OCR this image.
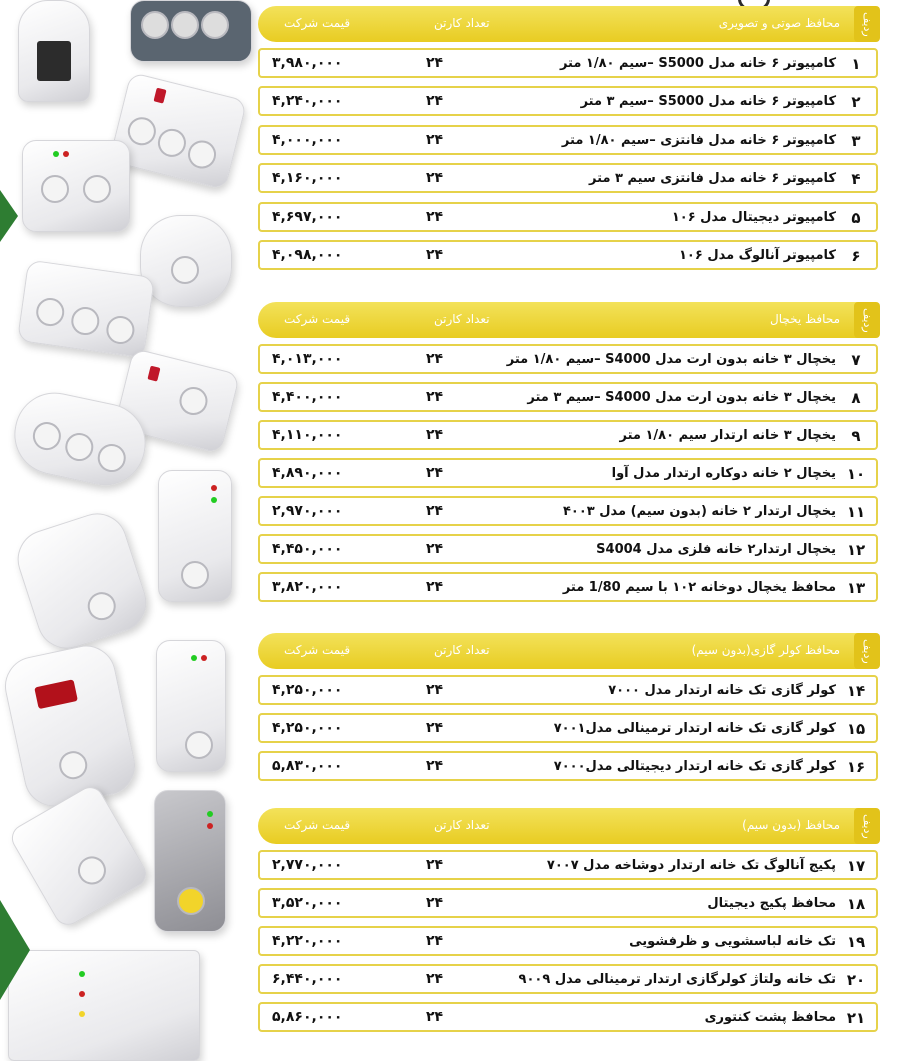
ردیف
محافظ صوتی و تصویری
تعداد کارتن
قیمت شرکت
۱
کامپیوتر ۶ خانه مدل S5000 –سیم ۱/۸۰ متر
۲۴
۳,۹۸۰,۰۰۰
۲
کامپیوتر ۶ خانه مدل S5000 –سیم ۳ متر
۲۴
۴,۲۴۰,۰۰۰
۳
کامپیوتر ۶ خانه مدل فانتزی –سیم ۱/۸۰ متر
۲۴
۴,۰۰۰,۰۰۰
۴
کامپیوتر ۶ خانه مدل فانتزی سیم ۳ متر
۲۴
۴,۱۶۰,۰۰۰
۵
کامپیوتر دیجیتال مدل ۱۰۶
۲۴
۴,۶۹۷,۰۰۰
۶
کامپیوتر آنالوگ مدل ۱۰۶
۲۴
۴,۰۹۸,۰۰۰
ردیف
محافظ یخچال
تعداد کارتن
قیمت شرکت
۷
یخچال ۳ خانه بدون ارت مدل S4000 –سیم ۱/۸۰ متر
۲۴
۴,۰۱۳,۰۰۰
۸
یخچال ۳ خانه بدون ارت مدل S4000 –سیم ۳ متر
۲۴
۴,۴۰۰,۰۰۰
۹
یخچال ۳ خانه ارتدار سیم ۱/۸۰ متر
۲۴
۴,۱۱۰,۰۰۰
۱۰
یخچال ۲ خانه دوکاره ارتدار مدل آوا
۲۴
۴,۸۹۰,۰۰۰
۱۱
یخچال ارتدار ۲ خانه (بدون سیم) مدل ۴۰۰۳
۲۴
۲,۹۷۰,۰۰۰
۱۲
یخچال ارتدار۲ خانه فلزی مدل S4004
۲۴
۴,۴۵۰,۰۰۰
۱۳
محافظ یخچال دوخانه ۱۰۲ با سیم 1/80 متر
۲۴
۳,۸۲۰,۰۰۰
ردیف
محافظ کولر گازی(بدون سیم)
تعداد کارتن
قیمت شرکت
۱۴
کولر گازی تک خانه ارتدار مدل ۷۰۰۰
۲۴
۴,۲۵۰,۰۰۰
۱۵
کولر گازی تک خانه ارتدار ترمینالی مدل۷۰۰۱
۲۴
۴,۲۵۰,۰۰۰
۱۶
کولر گازی تک خانه ارتدار دیجیتالی مدل۷۰۰۰
۲۴
۵,۸۳۰,۰۰۰
ردیف
محافظ (بدون سیم)
تعداد کارتن
قیمت شرکت
۱۷
پکیج آنالوگ تک خانه ارتدار دوشاخه مدل ۷۰۰۷
۲۴
۲,۷۷۰,۰۰۰
۱۸
محافظ پکیج دیجیتال
۲۴
۳,۵۲۰,۰۰۰
۱۹
تک خانه لباسشویی و ظرفشویی
۲۴
۴,۲۲۰,۰۰۰
۲۰
تک خانه ولتاژ کولرگازی ارتدار ترمینالی مدل ۹۰۰۹
۲۴
۶,۴۴۰,۰۰۰
۲۱
محافظ پشت کنتوری
۲۴
۵,۸۶۰,۰۰۰
